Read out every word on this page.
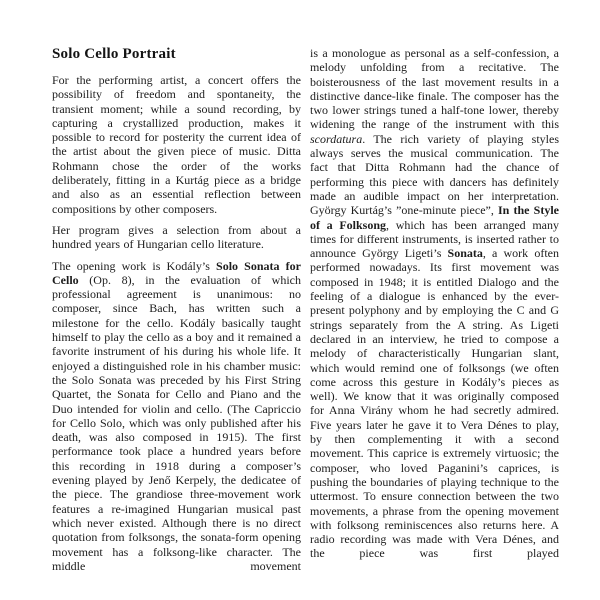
Solo Cello Portrait

For the performing artist, a concert offers the possibility of freedom and spontaneity, the transient moment; while a sound recording, by capturing a crystallized production, makes it possible to record for posterity the current idea of the artist about the given piece of music. Ditta Rohmann chose the order of the works deliberately, fitting in a Kurtág piece as a bridge and also as an essential reflection between compositions by other composers.

Her program gives a selection from about a hundred years of Hungarian cello literature.

The opening work is Kodály’s Solo Sonata for Cello (Op. 8), in the evaluation of which professional agreement is unanimous: no composer, since Bach, has written such a milestone for the cello. Kodály basically taught himself to play the cello as a boy and it remained a favorite instrument of his during his whole life. It enjoyed a distinguished role in his chamber music: the Solo Sonata was preceded by his First String Quartet, the Sonata for Cello and Piano and the Duo intended for violin and cello. (The Capriccio for Cello Solo, which was only published after his death, was also composed in 1915). The first performance took place a hundred years before this recording in 1918 during a composer’s evening played by Jenő Kerpely, the dedicatee of the piece. The grandiose three-movement work features a re-imagined Hungarian musical past which never existed. Although there is no direct quotation from folksongs, the sonata-form opening movement has a folksong-like character. The middle movement

is a monologue as personal as a self-confession, a melody unfolding from a recitative. The boisterousness of the last movement results in a distinctive dance-like finale. The composer has the two lower strings tuned a half-tone lower, thereby widening the range of the instrument with this scordatura. The rich variety of playing styles always serves the musical communication. The fact that Ditta Rohmann had the chance of performing this piece with dancers has definitely made an audible impact on her interpretation. György Kurtág’s ”one-minute piece”, In the Style of a Folksong, which has been arranged many times for different instruments, is inserted rather to announce György Ligeti’s Sonata, a work often performed nowadays. Its first movement was composed in 1948; it is entitled Dialogo and the feeling of a dialogue is enhanced by the ever-present polyphony and by employing the C and G strings separately from the A string. As Ligeti declared in an interview, he tried to compose a melody of characteristically Hungarian slant, which would remind one of folksongs (we often come across this gesture in Kodály’s pieces as well). We know that it was originally composed for Anna Virány whom he had secretly admired. Five years later he gave it to Vera Dénes to play, by then complementing it with a second movement. This caprice is extremely virtuosic; the composer, who loved Paganini’s caprices, is pushing the boundaries of playing technique to the uttermost. To ensure connection between the two movements, a phrase from the opening movement with folksong reminiscences also returns here. A radio recording was made with Vera Dénes, and the piece was first played
